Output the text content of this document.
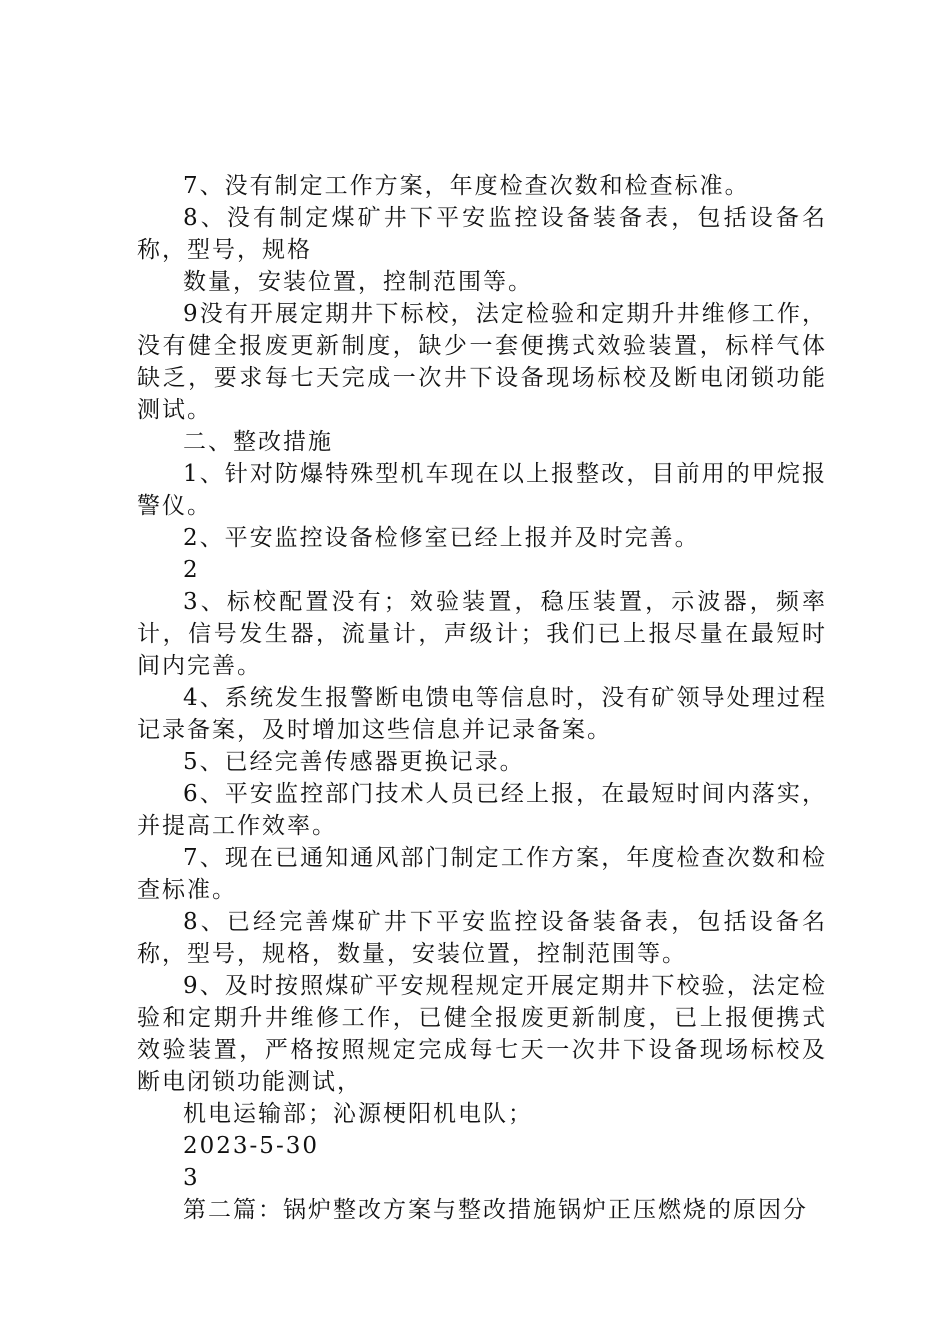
7、没有制定工作方案，年度检查次数和检查标准。

8、没有制定煤矿井下平安监控设备装备表，包括设备名称，型号，规格

数量，安装位置，控制范围等。

9没有开展定期井下标校，法定检验和定期升井维修工作，没有健全报废更新制度，缺少一套便携式效验装置，标样气体缺乏，要求每七天完成一次井下设备现场标校及断电闭锁功能测试。

二、整改措施

1、针对防爆特殊型机车现在以上报整改，目前用的甲烷报警仪。

2、平安监控设备检修室已经上报并及时完善。

2

3、标校配置没有；效验装置，稳压装置，示波器，频率计，信号发生器，流量计，声级计；我们已上报尽量在最短时间内完善。

4、系统发生报警断电馈电等信息时，没有矿领导处理过程记录备案，及时增加这些信息并记录备案。

5、已经完善传感器更换记录。

6、平安监控部门技术人员已经上报，在最短时间内落实，并提高工作效率。

7、现在已通知通风部门制定工作方案，年度检查次数和检查标准。

8、已经完善煤矿井下平安监控设备装备表，包括设备名称，型号，规格，数量，安装位置，控制范围等。

9、及时按照煤矿平安规程规定开展定期井下校验，法定检验和定期升井维修工作，已健全报废更新制度，已上报便携式效验装置，严格按照规定完成每七天一次井下设备现场标校及断电闭锁功能测试，

机电运输部；沁源梗阳机电队；

2023-5-30

3

第二篇：锅炉整改方案与整改措施锅炉正压燃烧的原因分
